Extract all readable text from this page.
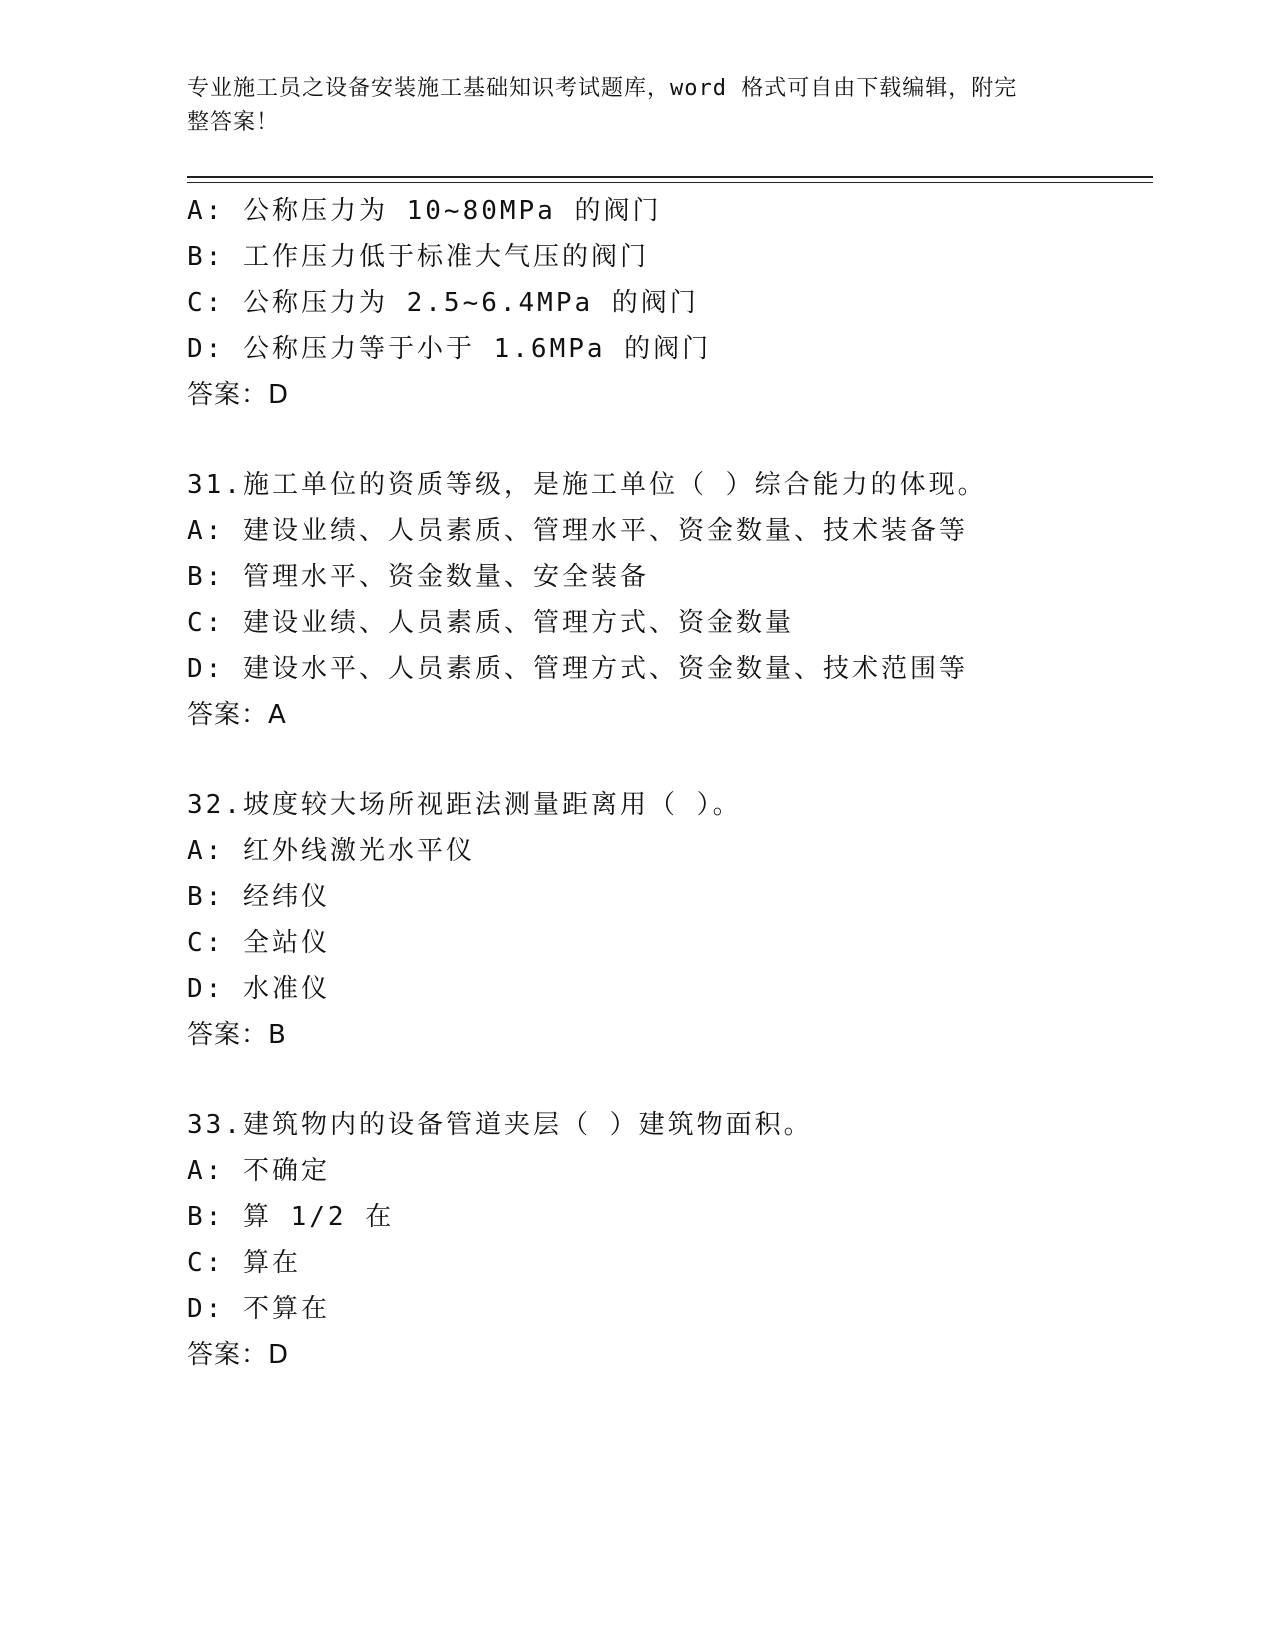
专业施工员之设备安装施工基础知识考试题库，word 格式可自由下载编辑，附完
整答案！
A: 公称压力为 10~80MPa 的阀门
B: 工作压力低于标准大气压的阀门
C: 公称压力为 2.5~6.4MPa 的阀门
D: 公称压力等于小于 1.6MPa 的阀门
答案：D
31.施工单位的资质等级，是施工单位（ ）综合能力的体现。
A: 建设业绩、人员素质、管理水平、资金数量、技术装备等
B: 管理水平、资金数量、安全装备
C: 建设业绩、人员素质、管理方式、资金数量
D: 建设水平、人员素质、管理方式、资金数量、技术范围等
答案：A
32.坡度较大场所视距法测量距离用（ ）。
A: 红外线激光水平仪
B: 经纬仪
C: 全站仪
D: 水准仪
答案：B
33.建筑物内的设备管道夹层（ ）建筑物面积。
A: 不确定
B: 算 1/2 在
C: 算在
D: 不算在
答案：D
